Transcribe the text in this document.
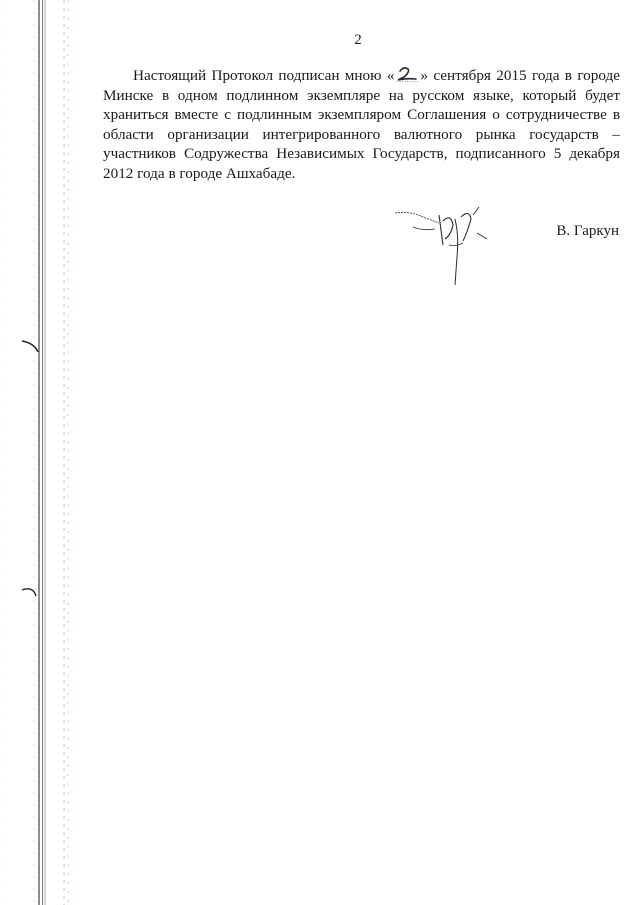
2

Настоящий Протокол подписан мною « » сентября 2015 года в городе Минске в одном подлинном экземпляре на русском языке, который будет храниться вместе с подлинным экземпляром Соглашения о сотрудничестве в области организации интегрированного валютного рынка государств – участников Содружества Независимых Государств, подписанного 5 декабря 2012 года в городе Ашхабаде.

В. Гаркун
